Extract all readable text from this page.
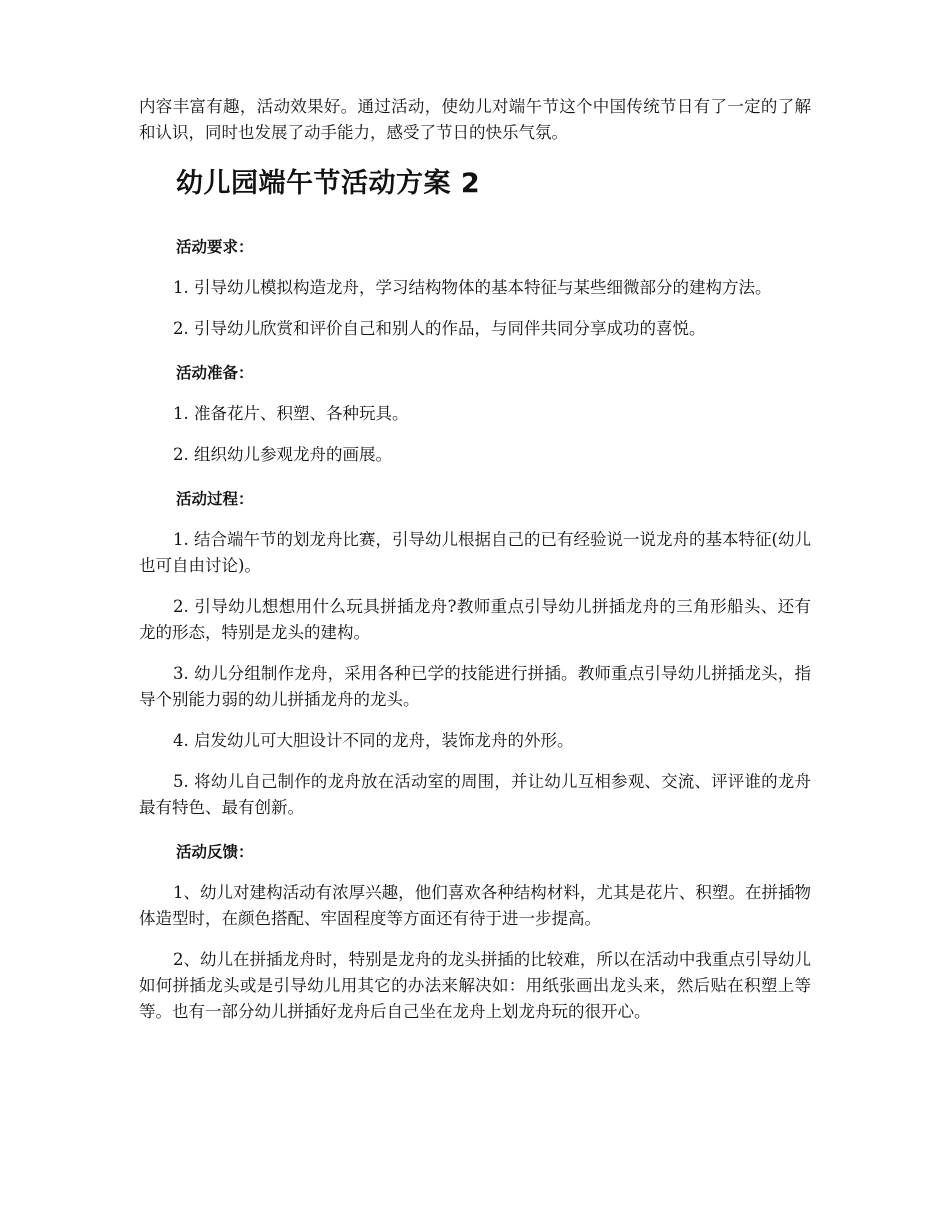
内容丰富有趣，活动效果好。通过活动，使幼儿对端午节这个中国传统节日有了一定的了解和认识，同时也发展了动手能力，感受了节日的快乐气氛。

幼儿园端午节活动方案 2
活动要求：

1. 引导幼儿模拟构造龙舟，学习结构物体的基本特征与某些细微部分的建构方法。

2. 引导幼儿欣赏和评价自己和别人的作品，与同伴共同分享成功的喜悦。

活动准备：

1. 准备花片、积塑、各种玩具。

2. 组织幼儿参观龙舟的画展。

活动过程：

1. 结合端午节的划龙舟比赛，引导幼儿根据自己的已有经验说一说龙舟的基本特征(幼儿也可自由讨论)。

2. 引导幼儿想想用什么玩具拼插龙舟?教师重点引导幼儿拼插龙舟的三角形船头、还有龙的形态，特别是龙头的建构。

3. 幼儿分组制作龙舟，采用各种已学的技能进行拼插。教师重点引导幼儿拼插龙头，指导个别能力弱的幼儿拼插龙舟的龙头。

4. 启发幼儿可大胆设计不同的龙舟，装饰龙舟的外形。

5. 将幼儿自己制作的龙舟放在活动室的周围，并让幼儿互相参观、交流、评评谁的龙舟最有特色、最有创新。

活动反馈：

1、幼儿对建构活动有浓厚兴趣，他们喜欢各种结构材料，尤其是花片、积塑。在拼插物体造型时，在颜色搭配、牢固程度等方面还有待于进一步提高。

2、幼儿在拼插龙舟时，特别是龙舟的龙头拼插的比较难，所以在活动中我重点引导幼儿如何拼插龙头或是引导幼儿用其它的办法来解决如：用纸张画出龙头来，然后贴在积塑上等等。也有一部分幼儿拼插好龙舟后自己坐在龙舟上划龙舟玩的很开心。
